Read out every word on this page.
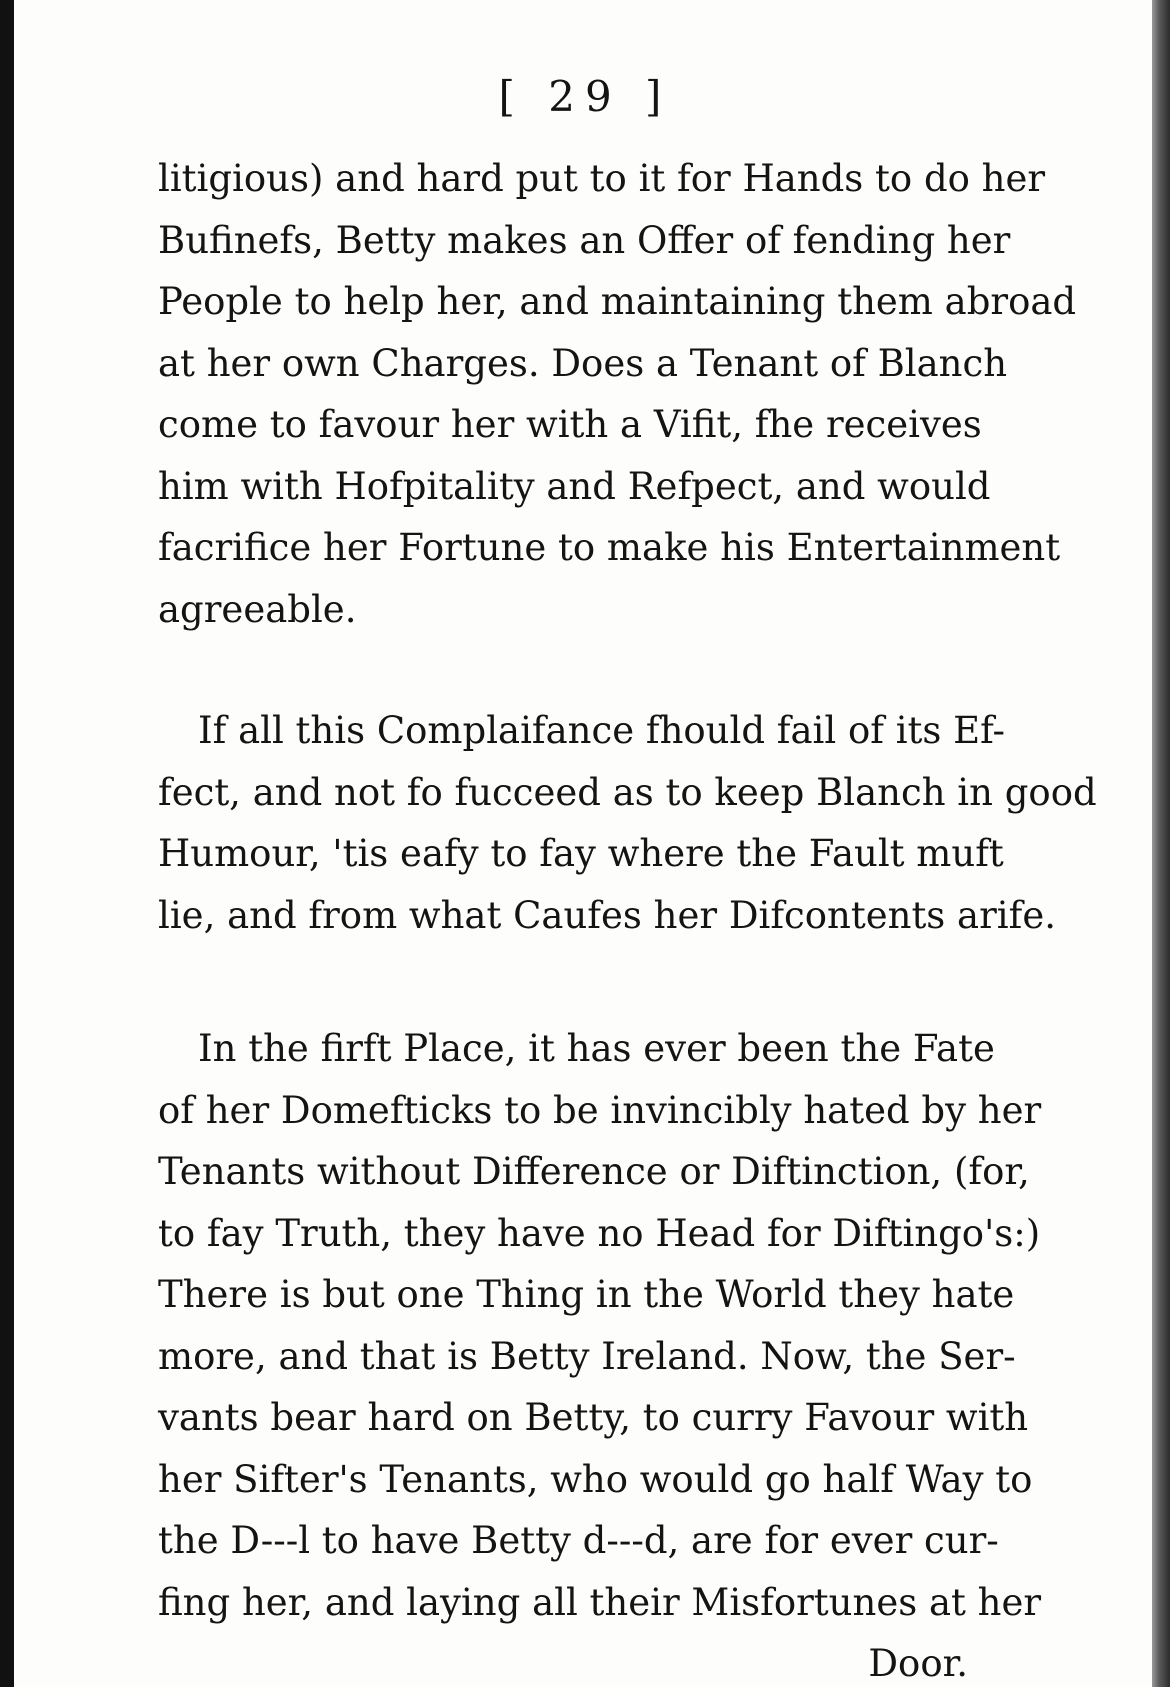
[ 29 ]
litigious) and hard put to it for Hands to do her
Bufinefs, Betty makes an Offer of fending her
People to help her, and maintaining them abroad
at her own Charges. Does a Tenant of Blanch
come to favour her with a Vifit, fhe receives
him with Hofpitality and Refpect, and would
facrifice her Fortune to make his Entertainment
agreeable.
If all this Complaifance fhould fail of its Ef-
fect, and not fo fucceed as to keep Blanch in good
Humour, 'tis eafy to fay where the Fault muft
lie, and from what Caufes her Difcontents arife.
In the firft Place, it has ever been the Fate
of her Domefticks to be invincibly hated by her
Tenants without Difference or Diftinction, (for,
to fay Truth, they have no Head for Diftingo's:)
There is but one Thing in the World they hate
more, and that is Betty Ireland. Now, the Ser-
vants bear hard on Betty, to curry Favour with
her Sifter's Tenants, who would go half Way to
the D---l to have Betty d---d, are for ever cur-
fing her, and laying all their Misfortunes at her
Door.
